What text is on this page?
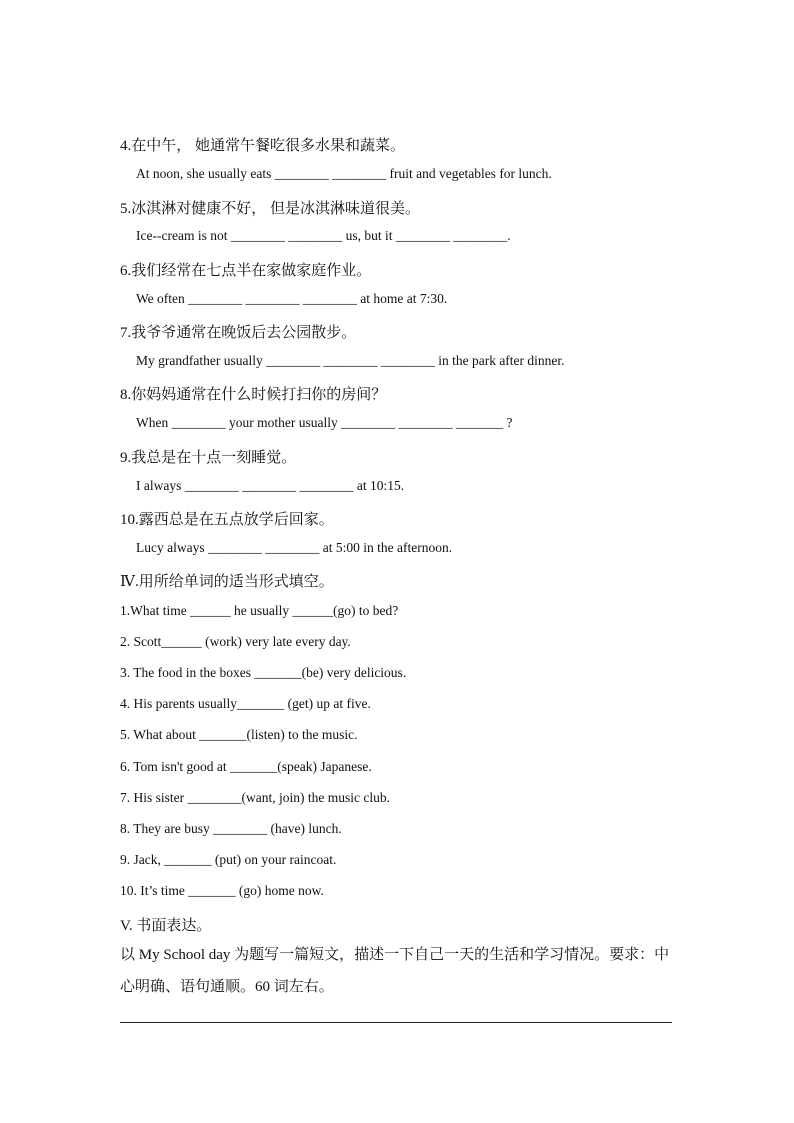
4.在中午， 她通常午餐吃很多水果和蔬菜。
At noon, she usually eats ________ ________ fruit and vegetables for lunch.
5.冰淇淋对健康不好， 但是冰淇淋味道很美。
Ice--cream is not ________ ________ us, but it ________ ________.
6.我们经常在七点半在家做家庭作业。
We often ________ ________ ________ at home at 7:30.
7.我爷爷通常在晚饭后去公园散步。
My grandfather usually ________ ________ ________ in the park after dinner.
8.你妈妈通常在什么时候打扫你的房间？
When ________ your mother usually ________ ________ _______ ?
9.我总是在十点一刻睡觉。
I always ________ ________ ________ at 10:15.
10.露西总是在五点放学后回家。
Lucy always ________ ________ at 5:00 in the afternoon.
Ⅳ.用所给单词的适当形式填空。
1.What time ______ he usually ______(go) to bed?
2. Scott______ (work) very late every day.
3. The food in the boxes _______(be) very delicious.
4. His parents usually_______ (get) up at five.
5. What about _______(listen) to the music.
6. Tom isn't good at _______(speak) Japanese.
7. His sister ________(want, join) the music club.
8. They are busy ________ (have) lunch.
9. Jack, _______ (put) on your raincoat.
10. It’s time _______ (go) home now.
V. 书面表达。
以 My School day 为题写一篇短文，描述一下自己一天的生活和学习情况。要求：中心明确、语句通顺。60 词左右。
